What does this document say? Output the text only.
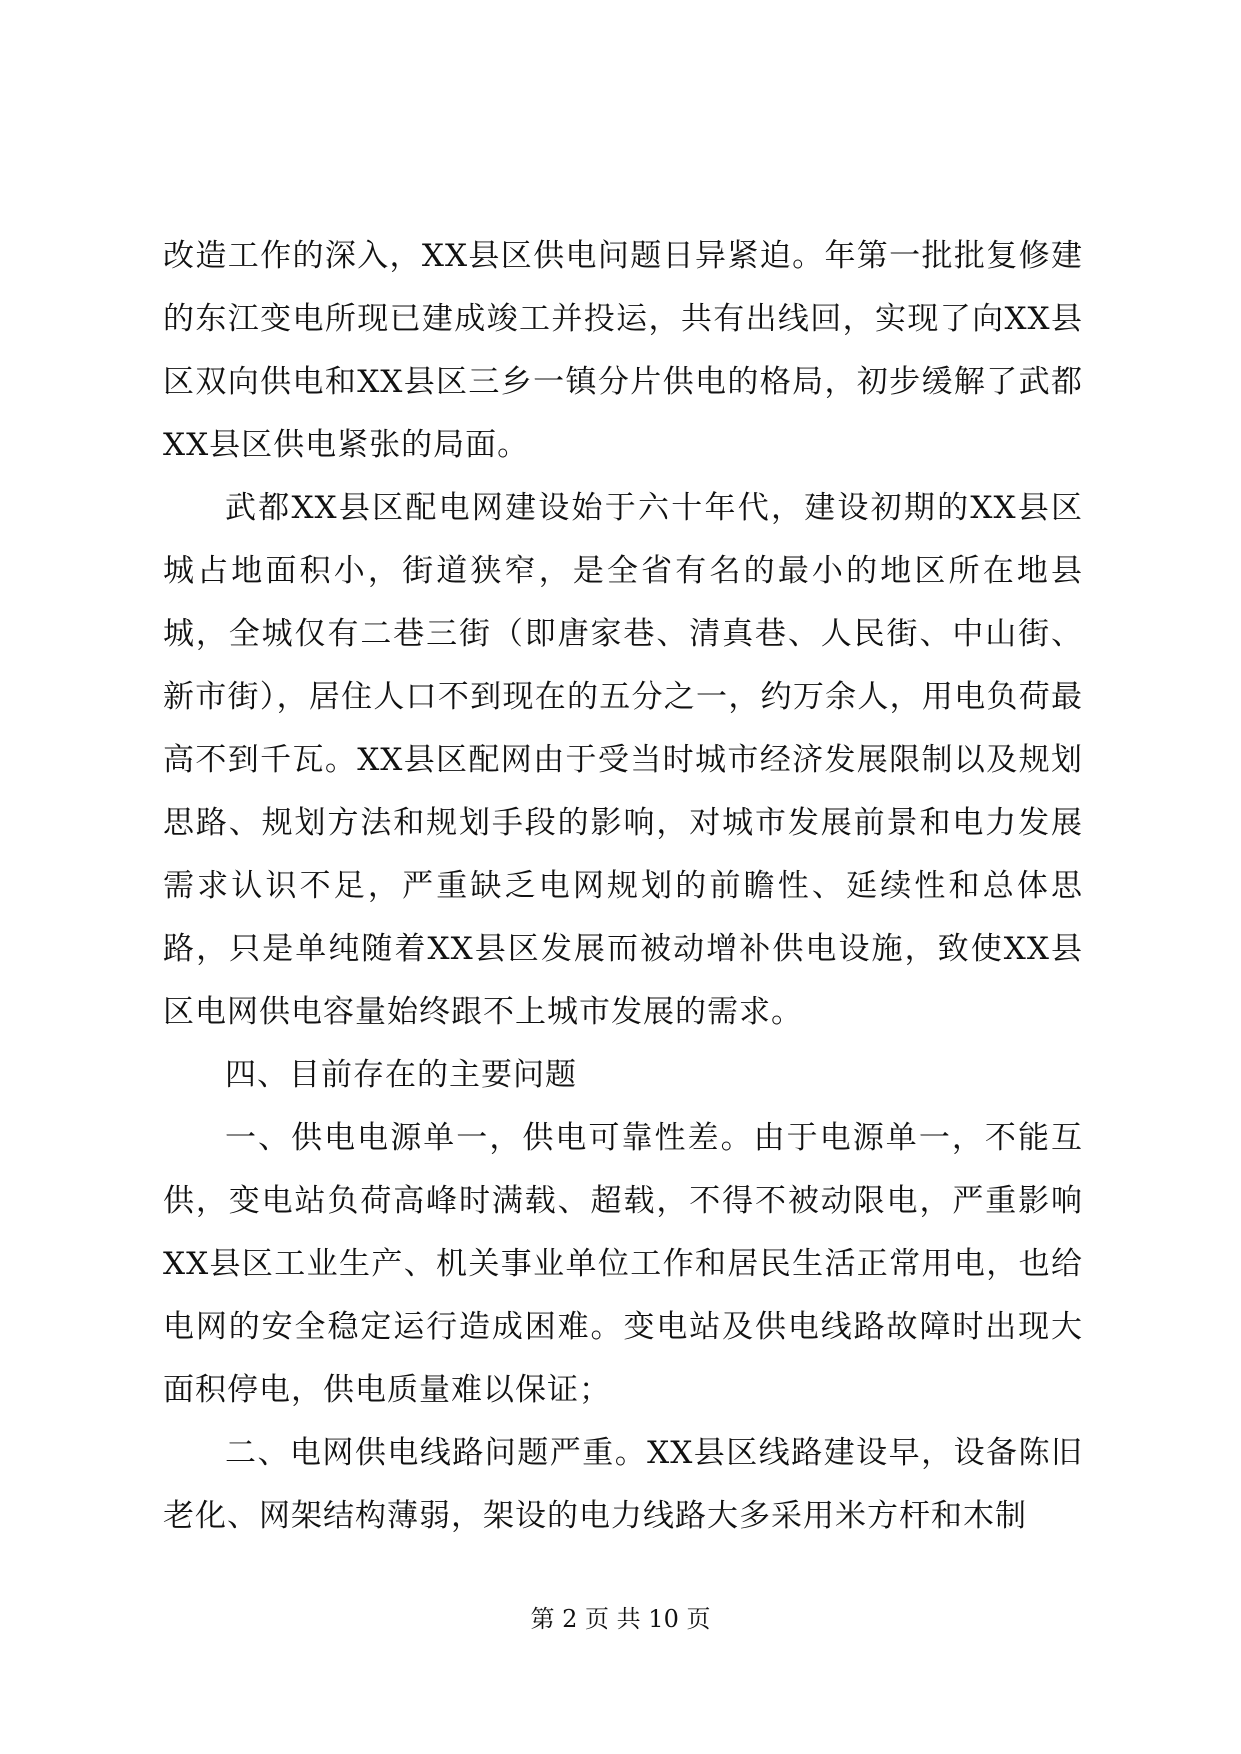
改造工作的深入，XX县区供电问题日异紧迫。年第一批批复修建的东江变电所现已建成竣工并投运，共有出线回，实现了向XX县区双向供电和XX县区三乡一镇分片供电的格局，初步缓解了武都XX县区供电紧张的局面。

武都XX县区配电网建设始于六十年代，建设初期的XX县区城占地面积小，街道狭窄，是全省有名的最小的地区所在地县城，全城仅有二巷三街（即唐家巷、清真巷、人民街、中山街、新市街），居住人口不到现在的五分之一，约万余人，用电负荷最高不到千瓦。XX县区配网由于受当时城市经济发展限制以及规划思路、规划方法和规划手段的影响，对城市发展前景和电力发展需求认识不足，严重缺乏电网规划的前瞻性、延续性和总体思路，只是单纯随着XX县区发展而被动增补供电设施，致使XX县区电网供电容量始终跟不上城市发展的需求。

四、目前存在的主要问题

一、供电电源单一，供电可靠性差。由于电源单一，不能互供，变电站负荷高峰时满载、超载，不得不被动限电，严重影响XX县区工业生产、机关事业单位工作和居民生活正常用电，也给电网的安全稳定运行造成困难。变电站及供电线路故障时出现大面积停电，供电质量难以保证；

二、电网供电线路问题严重。XX县区线路建设早，设备陈旧老化、网架结构薄弱，架设的电力线路大多采用米方杆和木制

第 2 页 共 10 页
